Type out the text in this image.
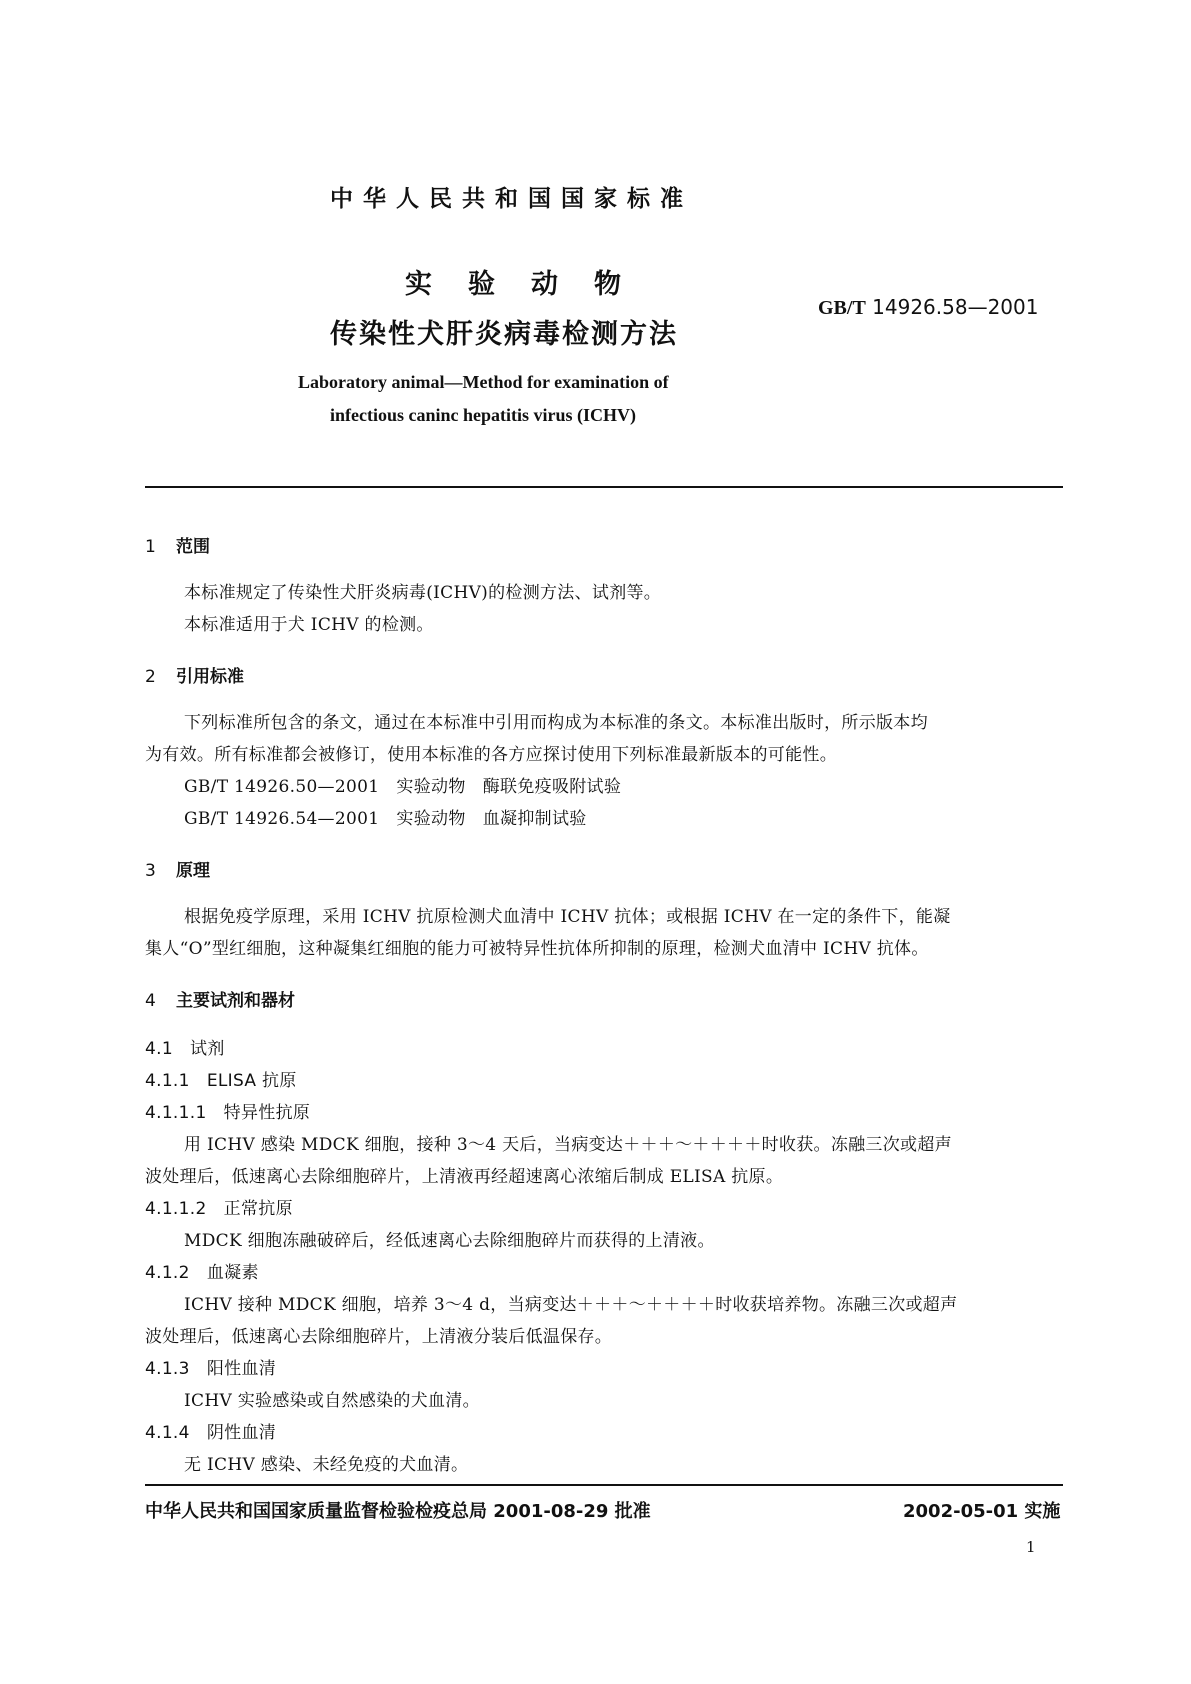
中华人民共和国国家标准
实验动物
传染性犬肝炎病毒检测方法
GB/T 14926.58—2001
Laboratory animal—Method for examination of
infectious caninc hepatitis virus (ICHV)
1 范围
本标准规定了传染性犬肝炎病毒(ICHV)的检测方法、试剂等。
本标准适用于犬 ICHV 的检测。
2 引用标准
下列标准所包含的条文，通过在本标准中引用而构成为本标准的条文。本标准出版时，所示版本均
为有效。所有标准都会被修订，使用本标准的各方应探讨使用下列标准最新版本的可能性。
GB/T 14926.50—2001   实验动物   酶联免疫吸附试验
GB/T 14926.54—2001   实验动物   血凝抑制试验
3 原理
根据免疫学原理，采用 ICHV 抗原检测犬血清中 ICHV 抗体；或根据 ICHV 在一定的条件下，能凝
集人“O”型红细胞，这种凝集红细胞的能力可被特异性抗体所抑制的原理，检测犬血清中 ICHV 抗体。
4 主要试剂和器材
4.1   试剂
4.1.1   ELISA 抗原
4.1.1.1   特异性抗原
用 ICHV 感染 MDCK 细胞，接种 3～4 天后，当病变达＋＋＋～＋＋＋＋时收获。冻融三次或超声
波处理后，低速离心去除细胞碎片，上清液再经超速离心浓缩后制成 ELISA 抗原。
4.1.1.2   正常抗原
MDCK 细胞冻融破碎后，经低速离心去除细胞碎片而获得的上清液。
4.1.2   血凝素
ICHV 接种 MDCK 细胞，培养 3～4 d，当病变达＋＋＋～＋＋＋＋时收获培养物。冻融三次或超声
波处理后，低速离心去除细胞碎片，上清液分装后低温保存。
4.1.3   阳性血清
ICHV 实验感染或自然感染的犬血清。
4.1.4   阴性血清
无 ICHV 感染、未经免疫的犬血清。
中华人民共和国国家质量监督检验检疫总局 2001-08-29 批准	2002-05-01 实施
1
